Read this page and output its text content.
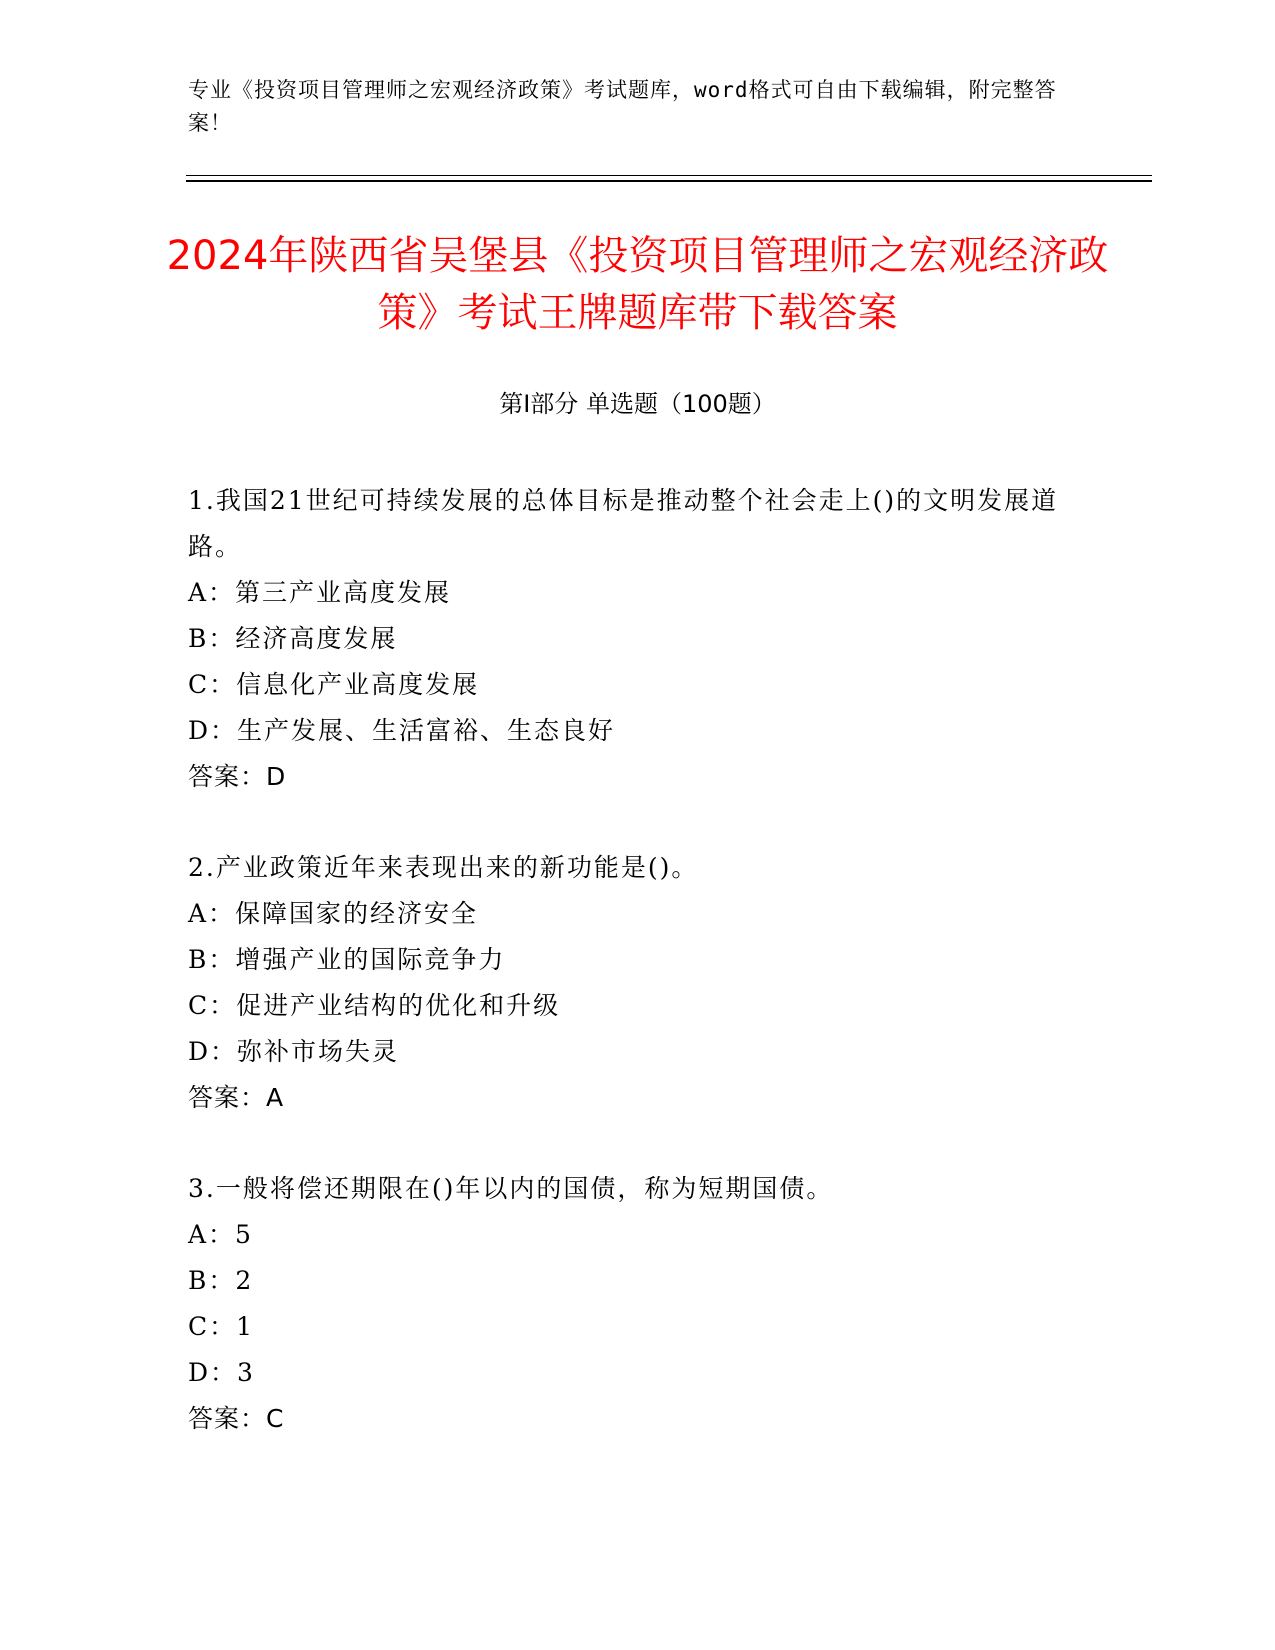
专业《投资项目管理师之宏观经济政策》考试题库，word格式可自由下载编辑，附完整答案！
2024年陕西省吴堡县《投资项目管理师之宏观经济政策》考试王牌题库带下载答案
第Ⅰ部分 单选题（100题）
1.我国21世纪可持续发展的总体目标是推动整个社会走上()的文明发展道路。
A：第三产业高度发展
B：经济高度发展
C：信息化产业高度发展
D：生产发展、生活富裕、生态良好
答案：D
2.产业政策近年来表现出来的新功能是()。
A：保障国家的经济安全
B：增强产业的国际竞争力
C：促进产业结构的优化和升级
D：弥补市场失灵
答案：A
3.一般将偿还期限在()年以内的国债，称为短期国债。
A：5
B：2
C：1
D：3
答案：C
